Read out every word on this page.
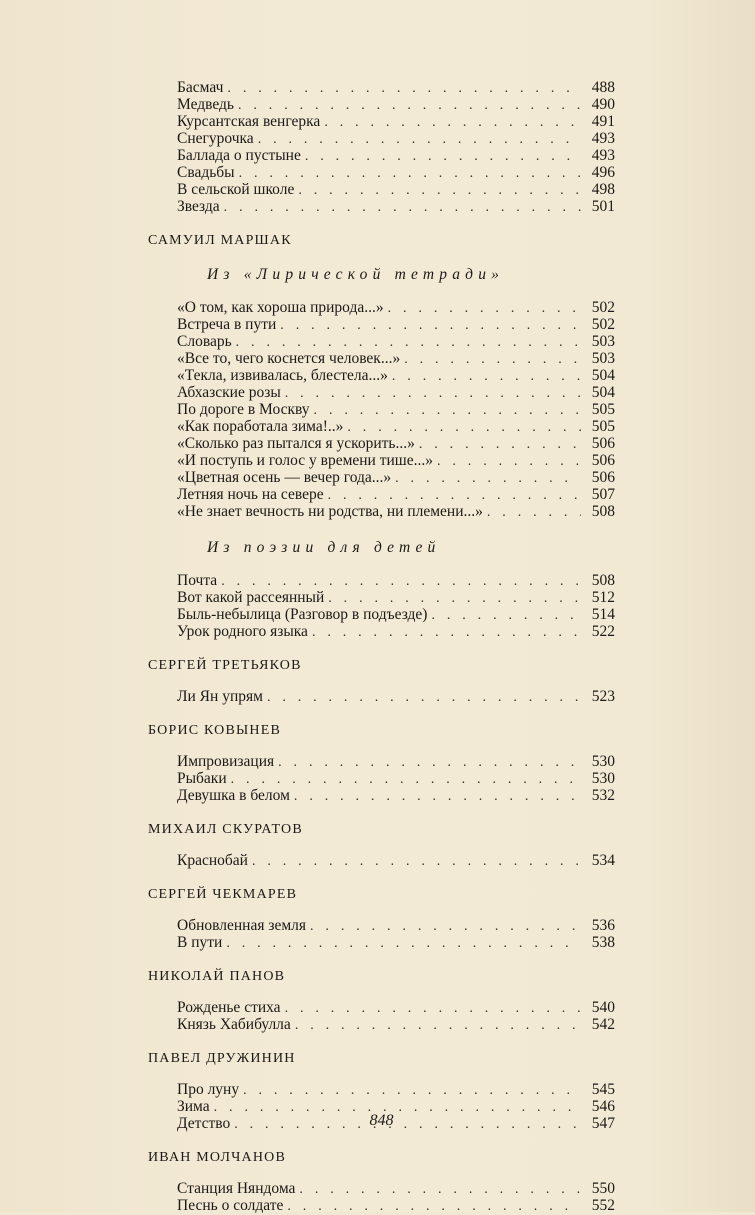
Басмач . . .	488
Медведь . . .	490
Курсантская венгерка . . .	491
Снегурочка . . .	493
Баллада о пустыне . . .	493
Свадьбы . . .	496
В сельской школе . . .	498
Звезда . . .	501
САМУИЛ МАРШАК
Из «Лирической тетради»
«О том, как хороша природа...» . . .	502
Встреча в пути . . .	502
Словарь . . .	503
«Все то, чего коснется человек...» . . .	503
«Текла, извивалась, блестела...» . . .	504
Абхазские розы . . .	504
По дороге в Москву . . .	505
«Как поработала зима!..» . . .	505
«Сколько раз пытался я ускорить...» . . .	506
«И поступь и голос у времени тише...» . . .	506
«Цветная осень — вечер года...» . . .	506
Летняя ночь на севере . . .	507
«Не знает вечность ни родства, ни племени...» . . .	508
Из поэзии для детей
Почта . . .	508
Вот какой рассеянный . . .	512
Быль-небылица (Разговор в подъезде) . . .	514
Урок родного языка . . .	522
СЕРГЕЙ ТРЕТЬЯКОВ
Ли Ян упрям . . .	523
БОРИС КОВЫНЕВ
Импровизация . . .	530
Рыбаки . . .	530
Девушка в белом . . .	532
МИХАИЛ СКУРАТОВ
Краснобай . . .	534
СЕРГЕЙ ЧЕКМАРЕВ
Обновленная земля . . .	536
В пути . . .	538
НИКОЛАЙ ПАНОВ
Рожденье стиха . . .	540
Князь Хабибулла . . .	542
ПАВЕЛ ДРУЖИНИН
Про луну . . .	545
Зима . . .	546
Детство . . .	547
ИВАН МОЛЧАНОВ
Станция Няндома . . .	550
Песнь о солдате . . .	552
848
